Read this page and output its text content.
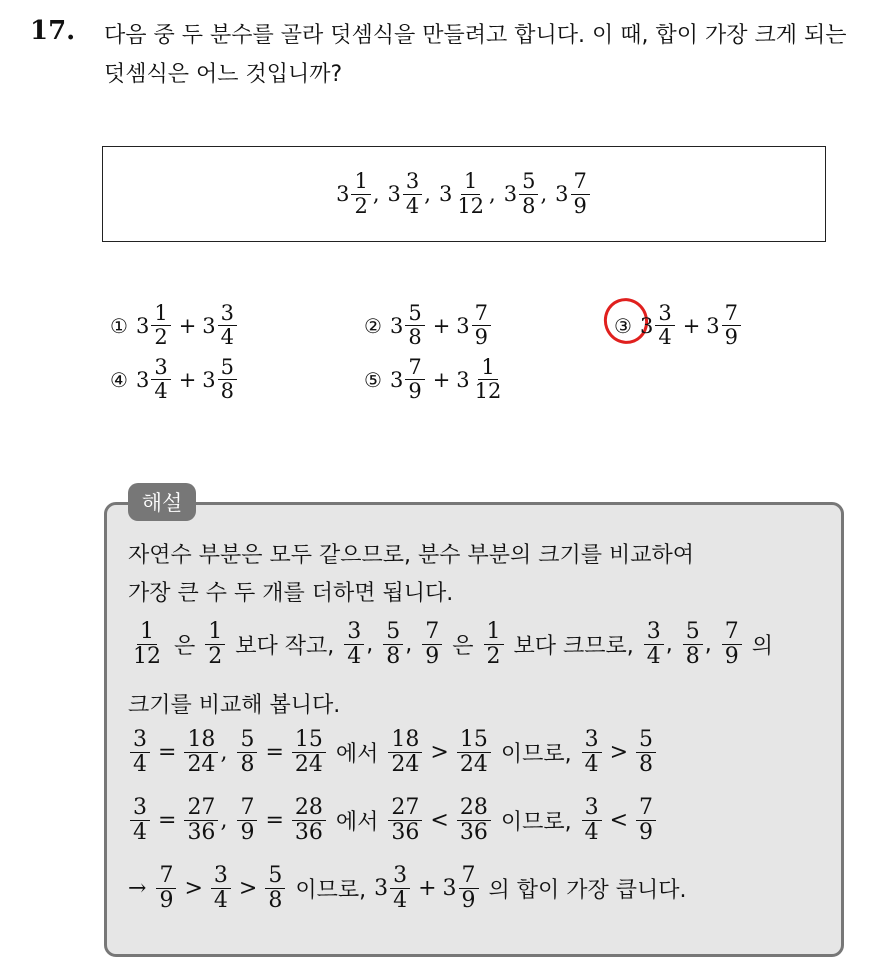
17. 다음 중 두 분수를 골라 덧셈식을 만들려고 합니다. 이 때, 합이 가장 크게 되는 덧셈식은 어느 것입니까?
$3 \frac{1}{2}$ , $3 \frac{3}{4}$ , $3 \frac{1}{12}$ , $3 \frac{5}{8}$ , $3 \frac{7}{9}$
① $3 \frac{1}{2} + 3 \frac{3}{4}$	② $3 \frac{5}{8} + 3 \frac{7}{9}$	③ $3 \frac{3}{4} + 3 \frac{7}{9}$
④ $3 \frac{3}{4} + 3 \frac{5}{8}$	⑤ $3 \frac{7}{9} + 3 \frac{1}{12}$
해설
자연수 부분은 모두 같으므로, 분수 부분의 크기를 비교하여
가장 큰 수 두 개를 더하면 됩니다.
$\frac{1}{12}$ 은 $\frac{1}{2}$ 보다 작고, $\frac{3}{4}$ , $\frac{5}{8}$ , $\frac{7}{9}$ 은 $\frac{1}{2}$ 보다 크므로, $\frac{3}{4}$ , $\frac{5}{8}$ , $\frac{7}{9}$ 의
크기를 비교해 봅니다.
$\frac{3}{4} = \frac{18}{24}$ , $\frac{5}{8} = \frac{15}{24}$ 에서 $\frac{18}{24} > \frac{15}{24}$ 이므로, $\frac{3}{4} > \frac{5}{8}$
$\frac{3}{4} = \frac{27}{36}$ , $\frac{7}{9} = \frac{28}{36}$ 에서 $\frac{27}{36} < \frac{28}{36}$ 이므로, $\frac{3}{4} < \frac{7}{9}$
→ $\frac{7}{9} > \frac{3}{4} > \frac{5}{8}$ 이므로, $3 \frac{3}{4} + 3 \frac{7}{9}$ 의 합이 가장 큽니다.
